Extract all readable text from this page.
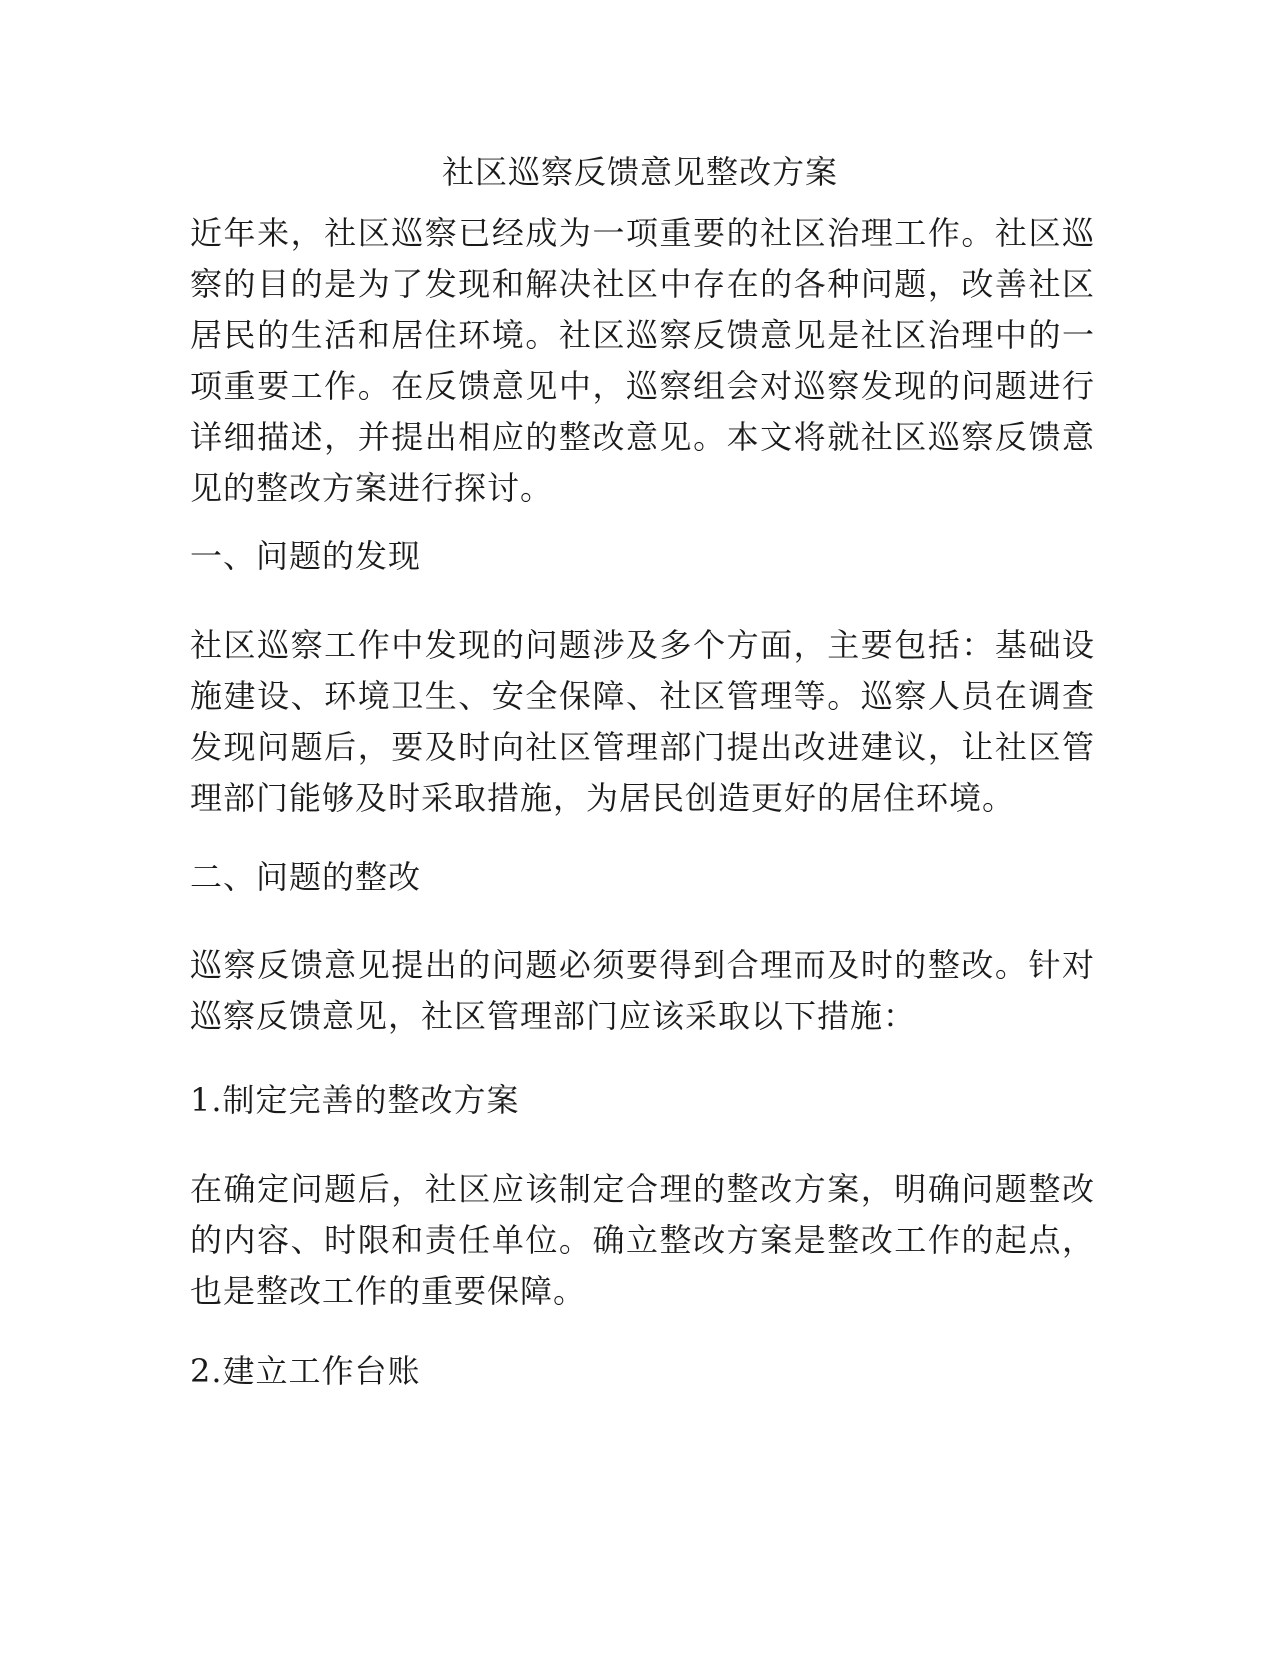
社区巡察反馈意见整改方案

近年来，社区巡察已经成为一项重要的社区治理工作。社区巡察的目的是为了发现和解决社区中存在的各种问题，改善社区居民的生活和居住环境。社区巡察反馈意见是社区治理中的一项重要工作。在反馈意见中，巡察组会对巡察发现的问题进行详细描述，并提出相应的整改意见。本文将就社区巡察反馈意见的整改方案进行探讨。

一、问题的发现

社区巡察工作中发现的问题涉及多个方面，主要包括：基础设施建设、环境卫生、安全保障、社区管理等。巡察人员在调查发现问题后，要及时向社区管理部门提出改进建议，让社区管理部门能够及时采取措施，为居民创造更好的居住环境。

二、问题的整改

巡察反馈意见提出的问题必须要得到合理而及时的整改。针对巡察反馈意见，社区管理部门应该采取以下措施：

1.制定完善的整改方案

在确定问题后，社区应该制定合理的整改方案，明确问题整改的内容、时限和责任单位。确立整改方案是整改工作的起点，也是整改工作的重要保障。

2.建立工作台账
